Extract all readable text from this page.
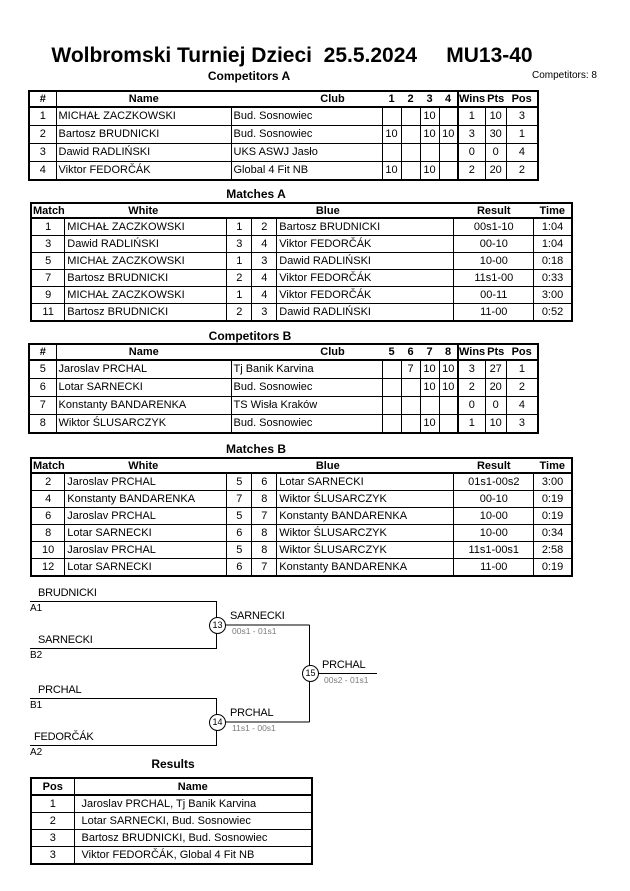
Wolbromski Turniej Dzieci  25.5.2024     MU13-40
Competitors: 8
Competitors A
#	Name	Club	1	2	3	4	Wins	Pts	Pos
1	MICHAŁ ZACZKOWSKI	Bud. Sosnowiec			10		1	10	3
2	Bartosz BRUDNICKI	Bud. Sosnowiec	10		10	10	3	30	1
3	Dawid RADLIŃSKI	UKS ASWJ Jasło					0	0	4
4	Viktor FEDORČÁK	Global 4 Fit NB	10		10		2	20	2
Matches A
Match	White		Blue		Result	Time
1	MICHAŁ ZACZKOWSKI	1	2	Bartosz BRUDNICKI	00s1-10	1:04
3	Dawid RADLIŃSKI	3	4	Viktor FEDORČÁK	00-10	1:04
5	MICHAŁ ZACZKOWSKI	1	3	Dawid RADLIŃSKI	10-00	0:18
7	Bartosz BRUDNICKI	2	4	Viktor FEDORČÁK	11s1-00	0:33
9	MICHAŁ ZACZKOWSKI	1	4	Viktor FEDORČÁK	00-11	3:00
11	Bartosz BRUDNICKI	2	3	Dawid RADLIŃSKI	11-00	0:52
Competitors B
#	Name	Club	5	6	7	8	Wins	Pts	Pos
5	Jaroslav PRCHAL	Tj Banik Karvina		7	10	10	3	27	1
6	Lotar SARNECKI	Bud. Sosnowiec			10	10	2	20	2
7	Konstanty BANDARENKA	TS Wisła Kraków					0	0	4
8	Wiktor ŚLUSARCZYK	Bud. Sosnowiec			10		1	10	3
Matches B
Match	White		Blue		Result	Time
2	Jaroslav PRCHAL	5	6	Lotar SARNECKI	01s1-00s2	3:00
4	Konstanty BANDARENKA	7	8	Wiktor ŚLUSARCZYK	00-10	0:19
6	Jaroslav PRCHAL	5	7	Konstanty BANDARENKA	10-00	0:19
8	Lotar SARNECKI	6	8	Wiktor ŚLUSARCZYK	10-00	0:34
10	Jaroslav PRCHAL	5	8	Wiktor ŚLUSARCZYK	11s1-00s1	2:58
12	Lotar SARNECKI	6	7	Konstanty BANDARENKA	11-00	0:19
BRUDNICKI
A1
SARNECKI
B2
13
SARNECKI
00s1 - 01s1
PRCHAL
B1
FEDORČÁK
A2
14
PRCHAL
11s1 - 00s1
15
PRCHAL
00s2 - 01s1
Results
Pos	Name
1	Jaroslav PRCHAL, Tj Banik Karvina
2	Lotar SARNECKI, Bud. Sosnowiec
3	Bartosz BRUDNICKI, Bud. Sosnowiec
3	Viktor FEDORČÁK, Global 4 Fit NB
